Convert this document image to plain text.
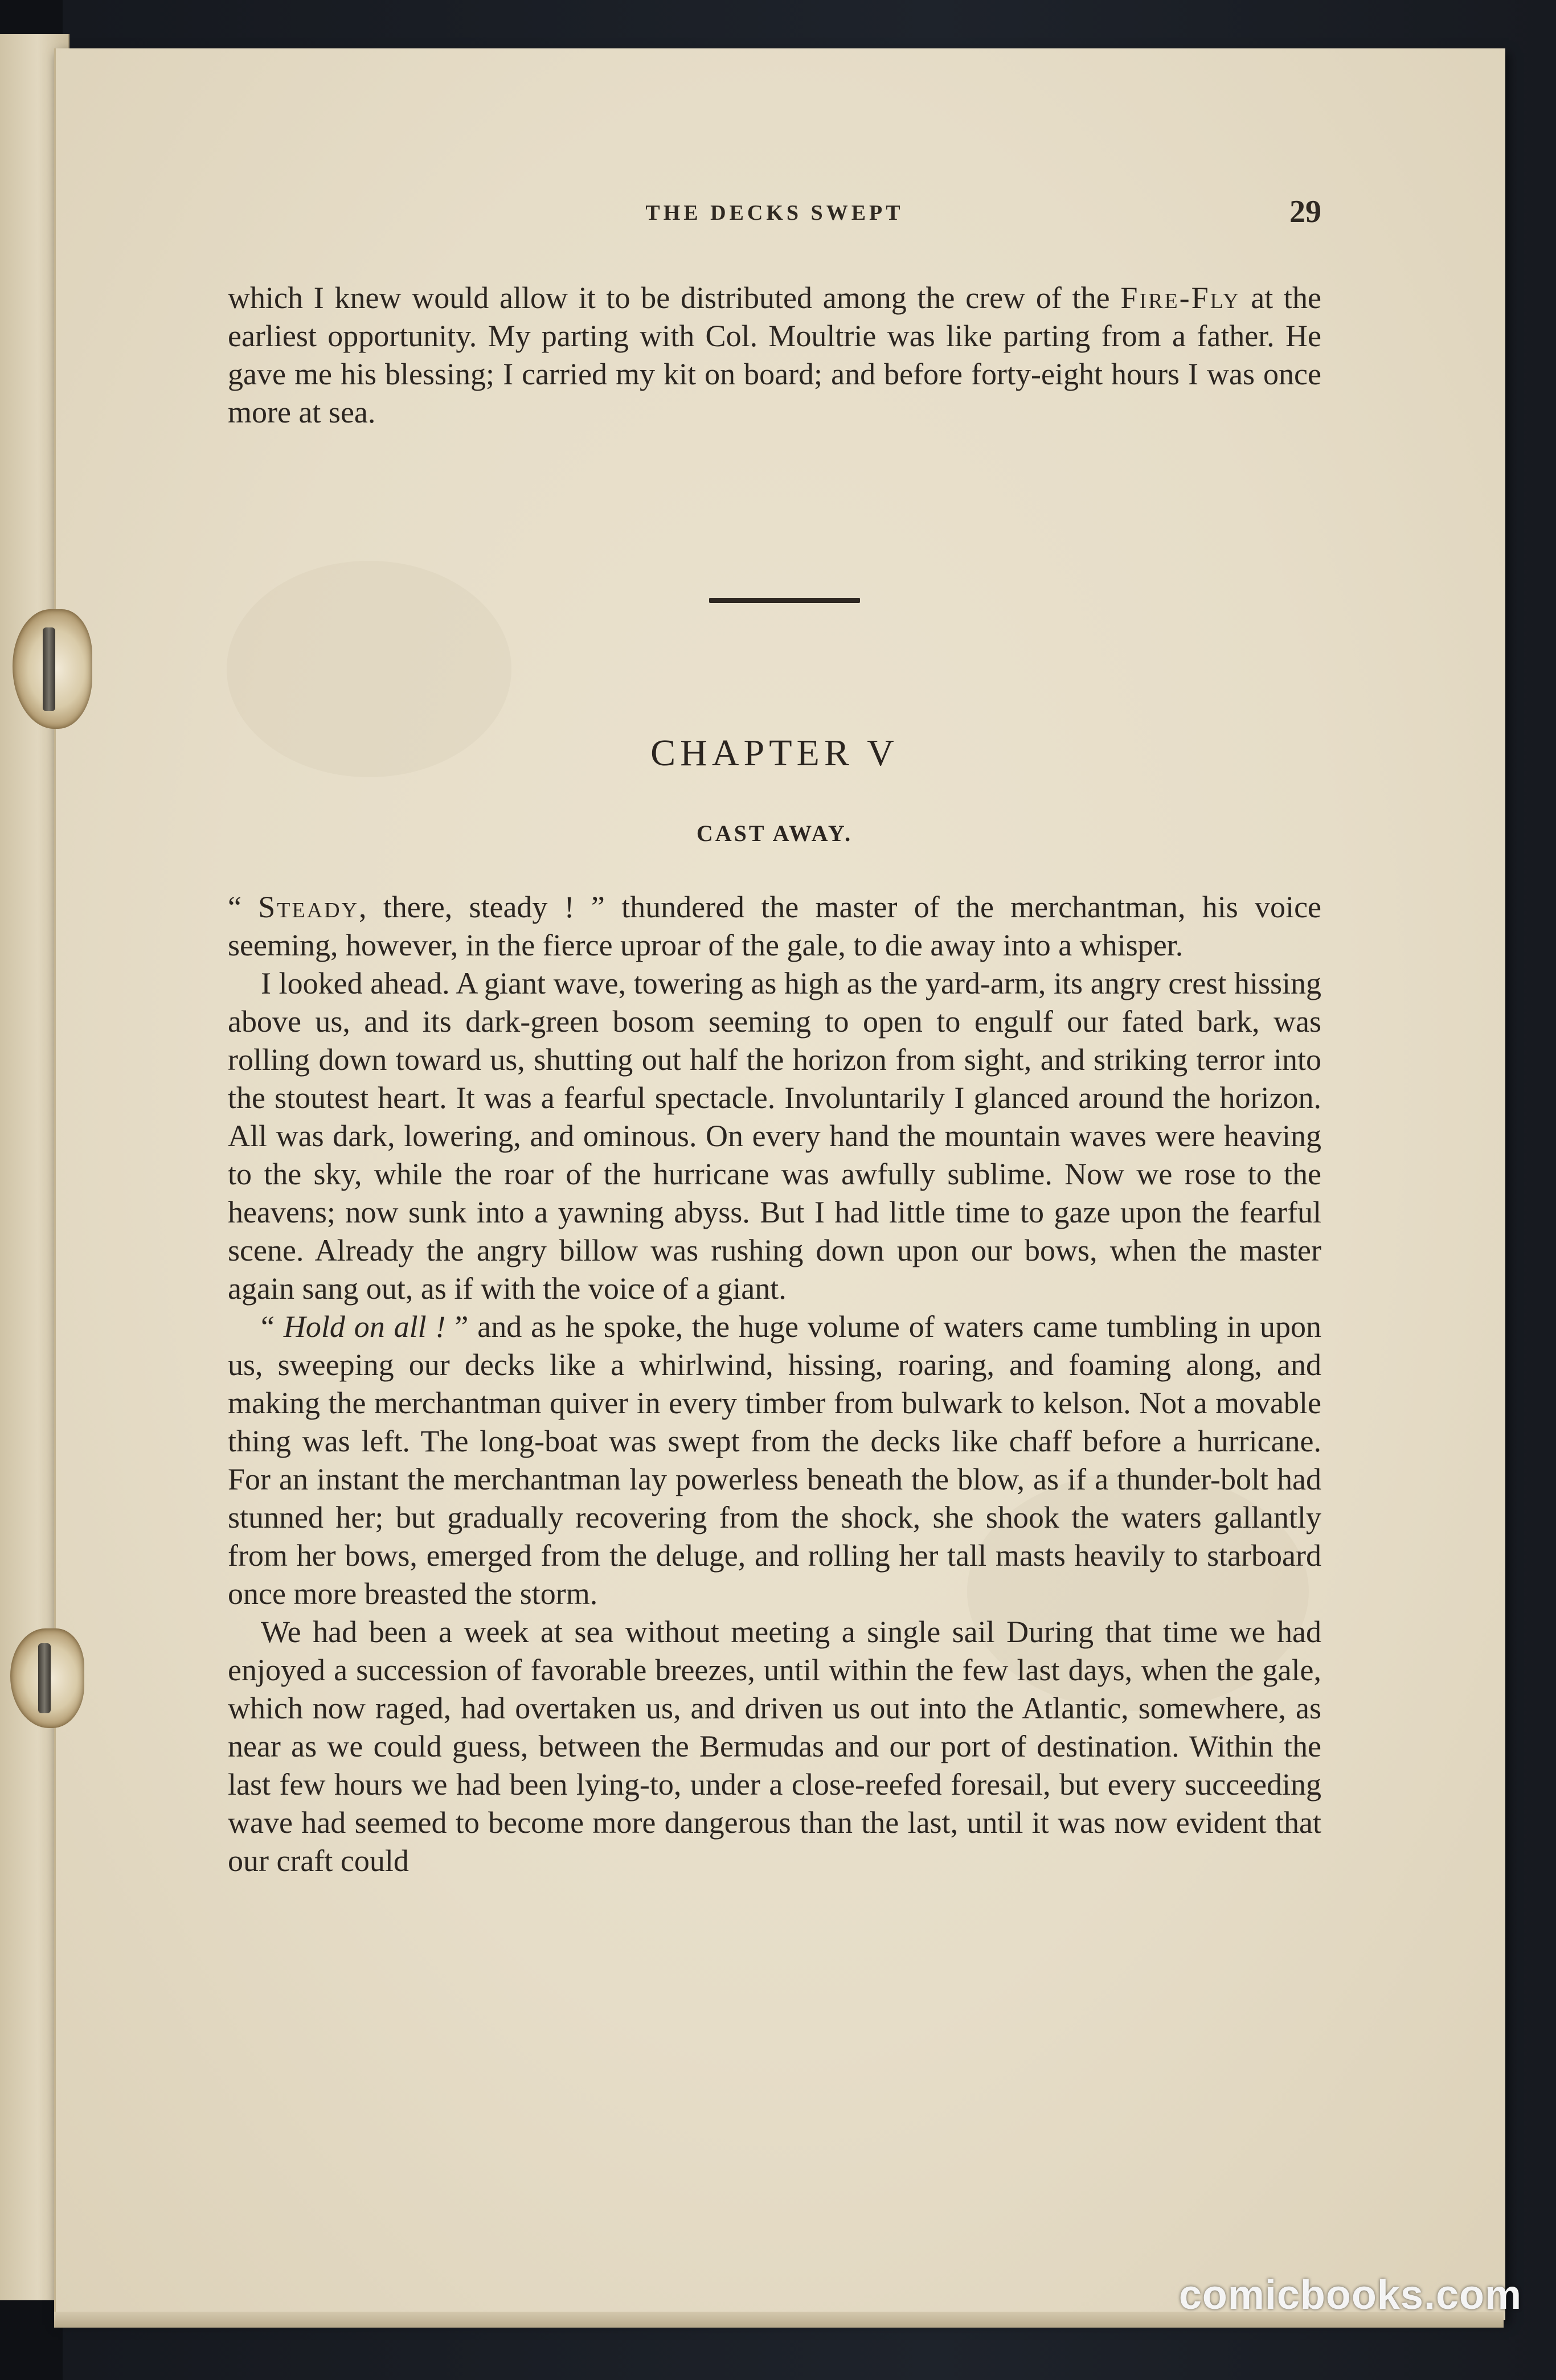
THE DECKS SWEPT	29

which I knew would allow it to be distributed among the crew of the Fire-Fly at the earliest opportunity. My parting with Col. Moultrie was like parting from a father. He gave me his blessing; I carried my kit on board; and before forty-eight hours I was once more at sea.

CHAPTER V
CAST AWAY.

“ Steady, there, steady ! ” thundered the master of the merchantman, his voice seeming, however, in the fierce uproar of the gale, to die away into a whisper.

I looked ahead. A giant wave, towering as high as the yard-arm, its angry crest hissing above us, and its dark-green bosom seeming to open to engulf our fated bark, was rolling down toward us, shutting out half the horizon from sight, and striking terror into the stoutest heart. It was a fearful spectacle. Involuntarily I glanced around the horizon. All was dark, lowering, and ominous. On every hand the mountain waves were heaving to the sky, while the roar of the hurricane was awfully sublime. Now we rose to the heavens; now sunk into a yawning abyss. But I had little time to gaze upon the fearful scene. Already the angry billow was rushing down upon our bows, when the master again sang out, as if with the voice of a giant.

“ Hold on all ! ” and as he spoke, the huge volume of waters came tumbling in upon us, sweeping our decks like a whirlwind, hissing, roaring, and foaming along, and making the merchantman quiver in every timber from bulwark to kelson. Not a movable thing was left. The long-boat was swept from the decks like chaff before a hurricane. For an instant the merchantman lay powerless beneath the blow, as if a thunder-bolt had stunned her; but gradually recovering from the shock, she shook the waters gallantly from her bows, emerged from the deluge, and rolling her tall masts heavily to starboard once more breasted the storm.

We had been a week at sea without meeting a single sail During that time we had enjoyed a succession of favorable breezes, until within the few last days, when the gale, which now raged, had overtaken us, and driven us out into the Atlantic, somewhere, as near as we could guess, between the Bermudas and our port of destination. Within the last few hours we had been lying-to, under a close-reefed foresail, but every succeeding wave had seemed to become more dangerous than the last, until it was now evident that our craft could

comicbooks.com
